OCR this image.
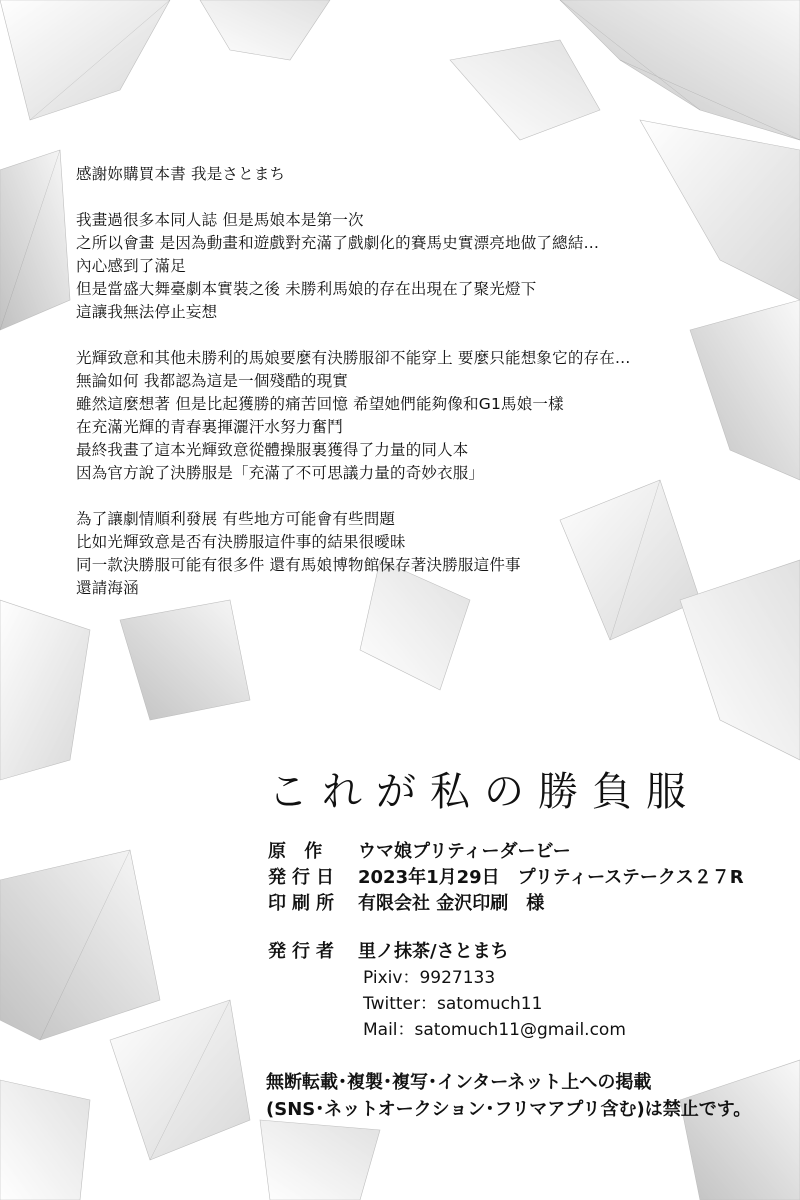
感謝妳購買本書 我是さとまち
我畫過很多本同人誌 但是馬娘本是第一次
之所以會畫 是因為動畫和遊戲對充滿了戲劇化的賽馬史實漂亮地做了總結…
內心感到了滿足
但是當盛大舞臺劇本實裝之後 未勝利馬娘的存在出現在了聚光燈下
這讓我無法停止妄想
光輝致意和其他未勝利的馬娘要麼有決勝服卻不能穿上 要麼只能想象它的存在…
無論如何 我都認為這是一個殘酷的現實
雖然這麼想著 但是比起獲勝的痛苦回憶 希望她們能夠像和G1馬娘一樣
在充滿光輝的青春裏揮灑汗水努力奮鬥
最終我畫了這本光輝致意從體操服裏獲得了力量的同人本
因為官方說了決勝服是「充滿了不可思議力量的奇妙衣服」
為了讓劇情順利發展 有些地方可能會有些問題
比如光輝致意是否有決勝服這件事的結果很曖昧
同一款決勝服可能有很多件 還有馬娘博物館保存著決勝服這件事
還請海涵
これが私の勝負服
原 作	ウマ娘プリティーダービー
発行日	2023年1月29日　プリティーステークス２７R
印刷所	有限会社 金沢印刷　様
発行者	里ノ抹茶/さとまち
Pixiv：9927133
Twitter：satomuch11
Mail：satomuch11@gmail.com
無断転載･複製･複写･インターネット上への掲載
(SNS･ネットオークション･フリマアプリ含む)は禁止です。
